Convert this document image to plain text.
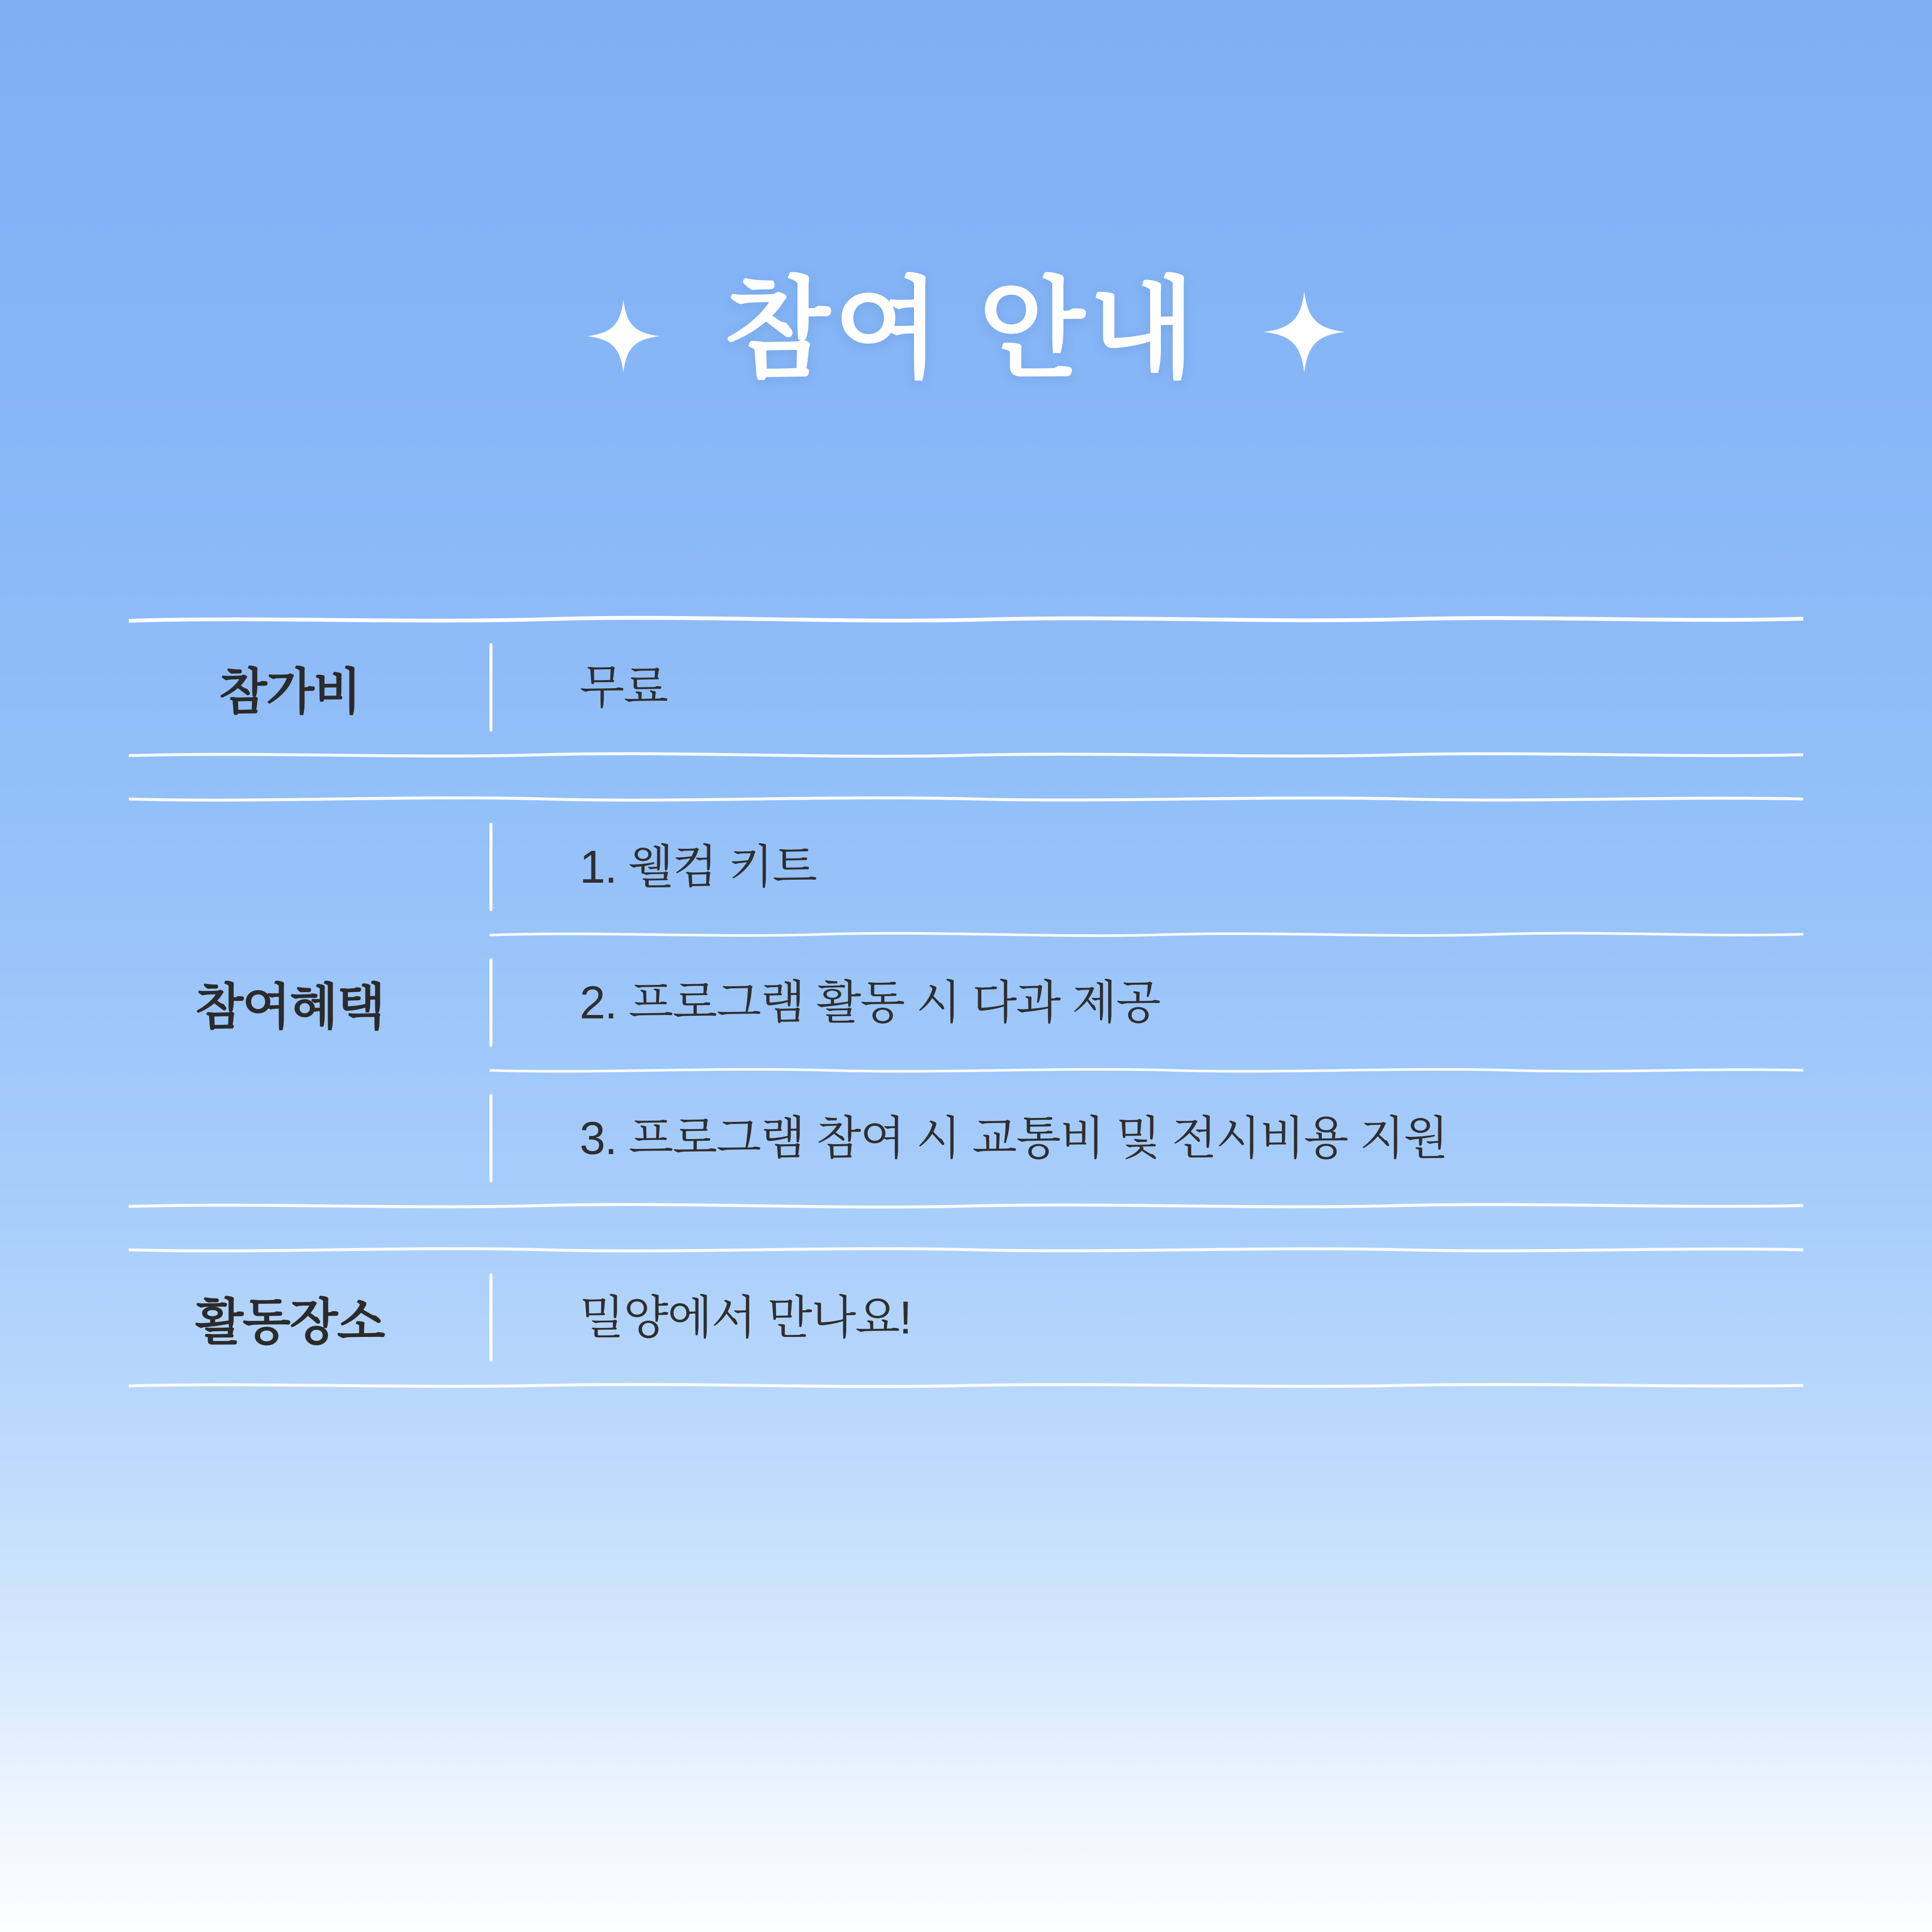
참여 안내
참가비	무료
참여혜택
1. 웰컴 키트
2. 프로그램 활동 시 다과 제공
3. 프로그램 참여 시 교통비 및 전시비용 지원
활동장소	밀양에서 만나요!
